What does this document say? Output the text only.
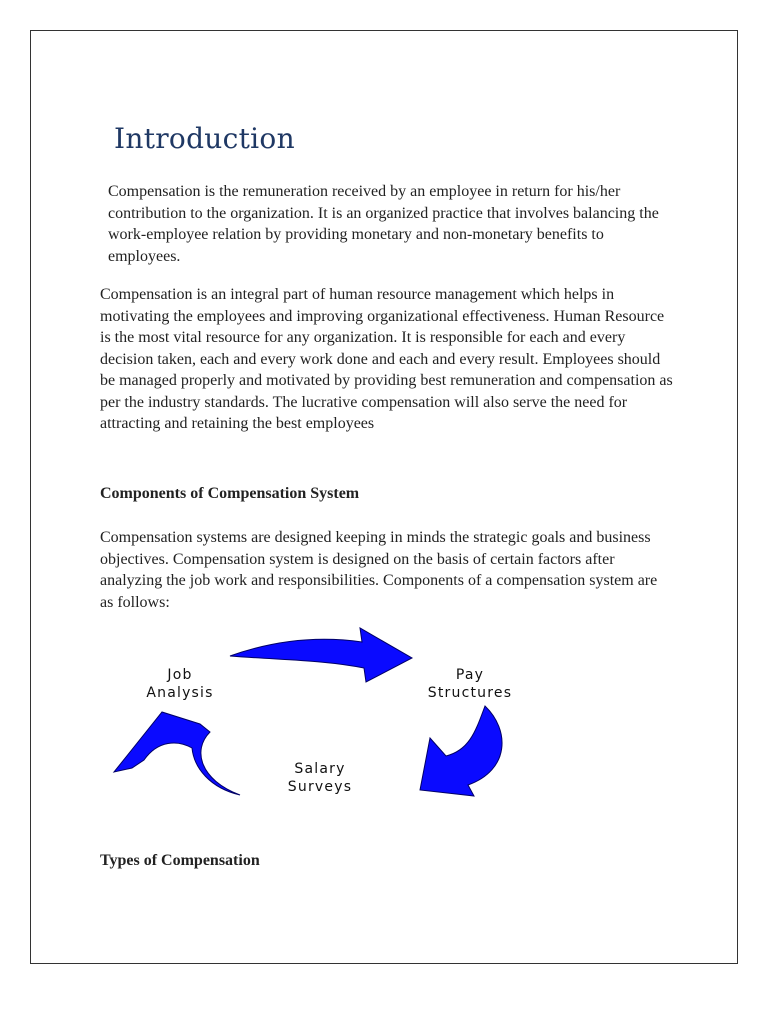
Introduction

Compensation is the remuneration received by an employee in return for his/her contribution to the organization. It is an organized practice that involves balancing the work-employee relation by providing monetary and non-monetary benefits to employees.

Compensation is an integral part of human resource management which helps in motivating the employees and improving organizational effectiveness. Human Resource is the most vital resource for any organization. It is responsible for each and every decision taken, each and every work done and each and every result. Employees should be managed properly and motivated by providing best remuneration and compensation as per the industry standards. The lucrative compensation will also serve the need for attracting and retaining the best employees

Components of Compensation System

Compensation systems are designed keeping in minds the strategic goals and business objectives. Compensation system is designed on the basis of certain factors after analyzing the job work and responsibilities. Components of a compensation system are as follows:

Job
Analysis
Pay
Structures
Salary
Surveys
Types of Compensation
